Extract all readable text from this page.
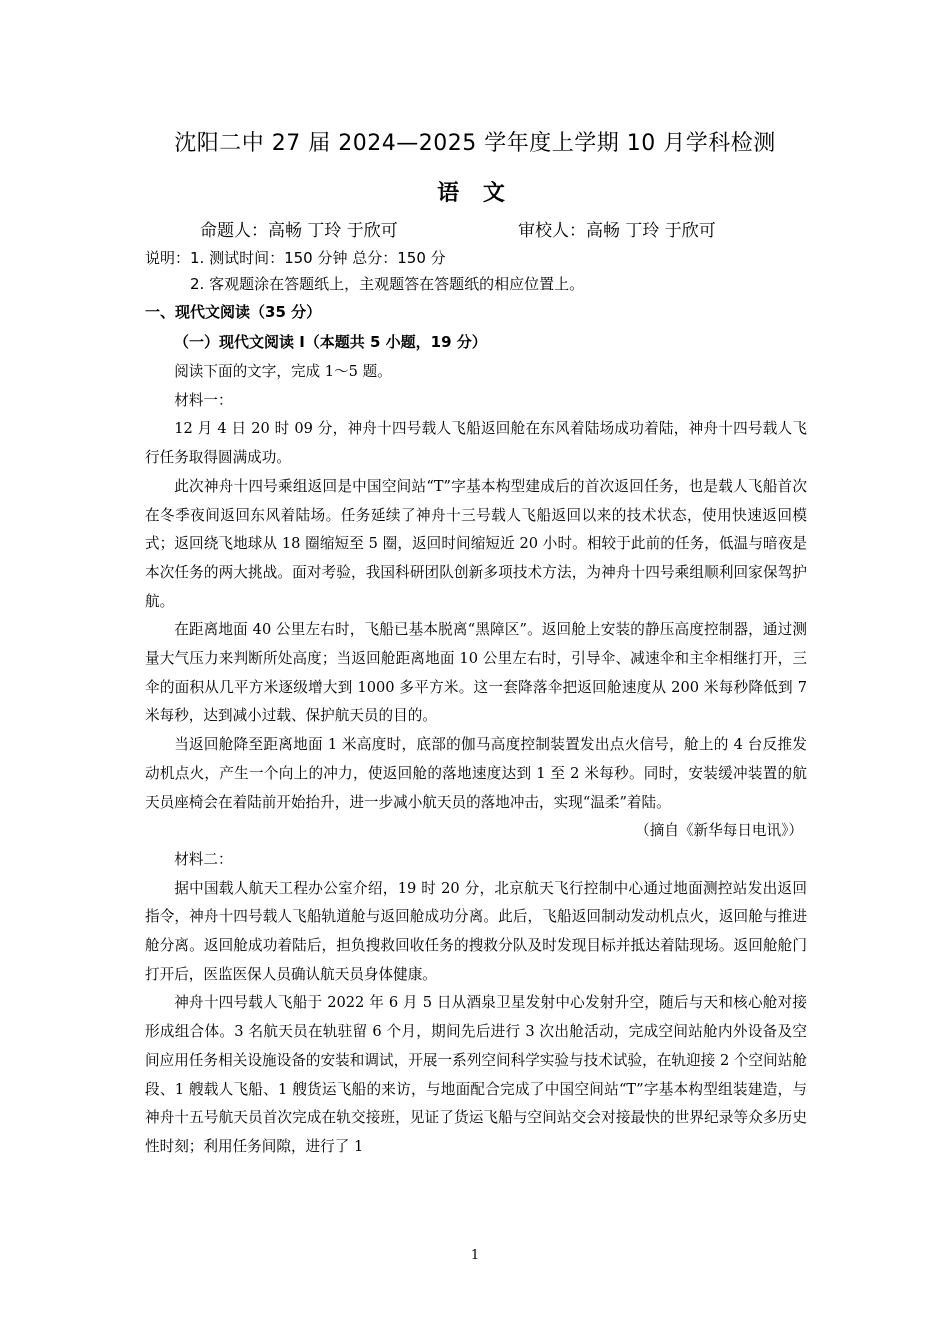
沈阳二中 27 届 2024—2025 学年度上学期 10 月学科检测
语 文
命题人：高畅 丁玲 于欣可	审校人：高畅 丁玲 于欣可
说明：1. 测试时间：150 分钟 总分：150 分
2. 客观题涂在答题纸上，主观题答在答题纸的相应位置上。
一、现代文阅读（35 分）
（一）现代文阅读 I（本题共 5 小题，19 分）

阅读下面的文字，完成 1～5 题。

材料一：

12 月 4 日 20 时 09 分，神舟十四号载人飞船返回舱在东风着陆场成功着陆，神舟十四号载人飞行任务取得圆满成功。

此次神舟十四号乘组返回是中国空间站“T”字基本构型建成后的首次返回任务，也是载人飞船首次在冬季夜间返回东风着陆场。任务延续了神舟十三号载人飞船返回以来的技术状态，使用快速返回模式；返回绕飞地球从 18 圈缩短至 5 圈，返回时间缩短近 20 小时。相较于此前的任务，低温与暗夜是本次任务的两大挑战。面对考验，我国科研团队创新多项技术方法，为神舟十四号乘组顺利回家保驾护航。

在距离地面 40 公里左右时，飞船已基本脱离“黑障区”。返回舱上安装的静压高度控制器，通过测量大气压力来判断所处高度；当返回舱距离地面 10 公里左右时，引导伞、减速伞和主伞相继打开，三伞的面积从几平方米逐级增大到 1000 多平方米。这一套降落伞把返回舱速度从 200 米每秒降低到 7 米每秒，达到减小过载、保护航天员的目的。

当返回舱降至距离地面 1 米高度时，底部的伽马高度控制装置发出点火信号，舱上的 4 台反推发动机点火，产生一个向上的冲力，使返回舱的落地速度达到 1 至 2 米每秒。同时，安装缓冲装置的航天员座椅会在着陆前开始抬升，进一步减小航天员的落地冲击，实现“温柔”着陆。

（摘自《新华每日电讯》）

材料二：

据中国载人航天工程办公室介绍，19 时 20 分，北京航天飞行控制中心通过地面测控站发出返回指令，神舟十四号载人飞船轨道舱与返回舱成功分离。此后，飞船返回制动发动机点火，返回舱与推进舱分离。返回舱成功着陆后，担负搜救回收任务的搜救分队及时发现目标并抵达着陆现场。返回舱舱门打开后，医监医保人员确认航天员身体健康。

神舟十四号载人飞船于 2022 年 6 月 5 日从酒泉卫星发射中心发射升空，随后与天和核心舱对接形成组合体。3 名航天员在轨驻留 6 个月，期间先后进行 3 次出舱活动，完成空间站舱内外设备及空间应用任务相关设施设备的安装和调试，开展一系列空间科学实验与技术试验，在轨迎接 2 个空间站舱段、1 艘载人飞船、1 艘货运飞船的来访，与地面配合完成了中国空间站“T”字基本构型组装建造，与神舟十五号航天员首次完成在轨交接班，见证了货运飞船与空间站交会对接最快的世界纪录等众多历史性时刻；利用任务间隙，进行了 1

1
